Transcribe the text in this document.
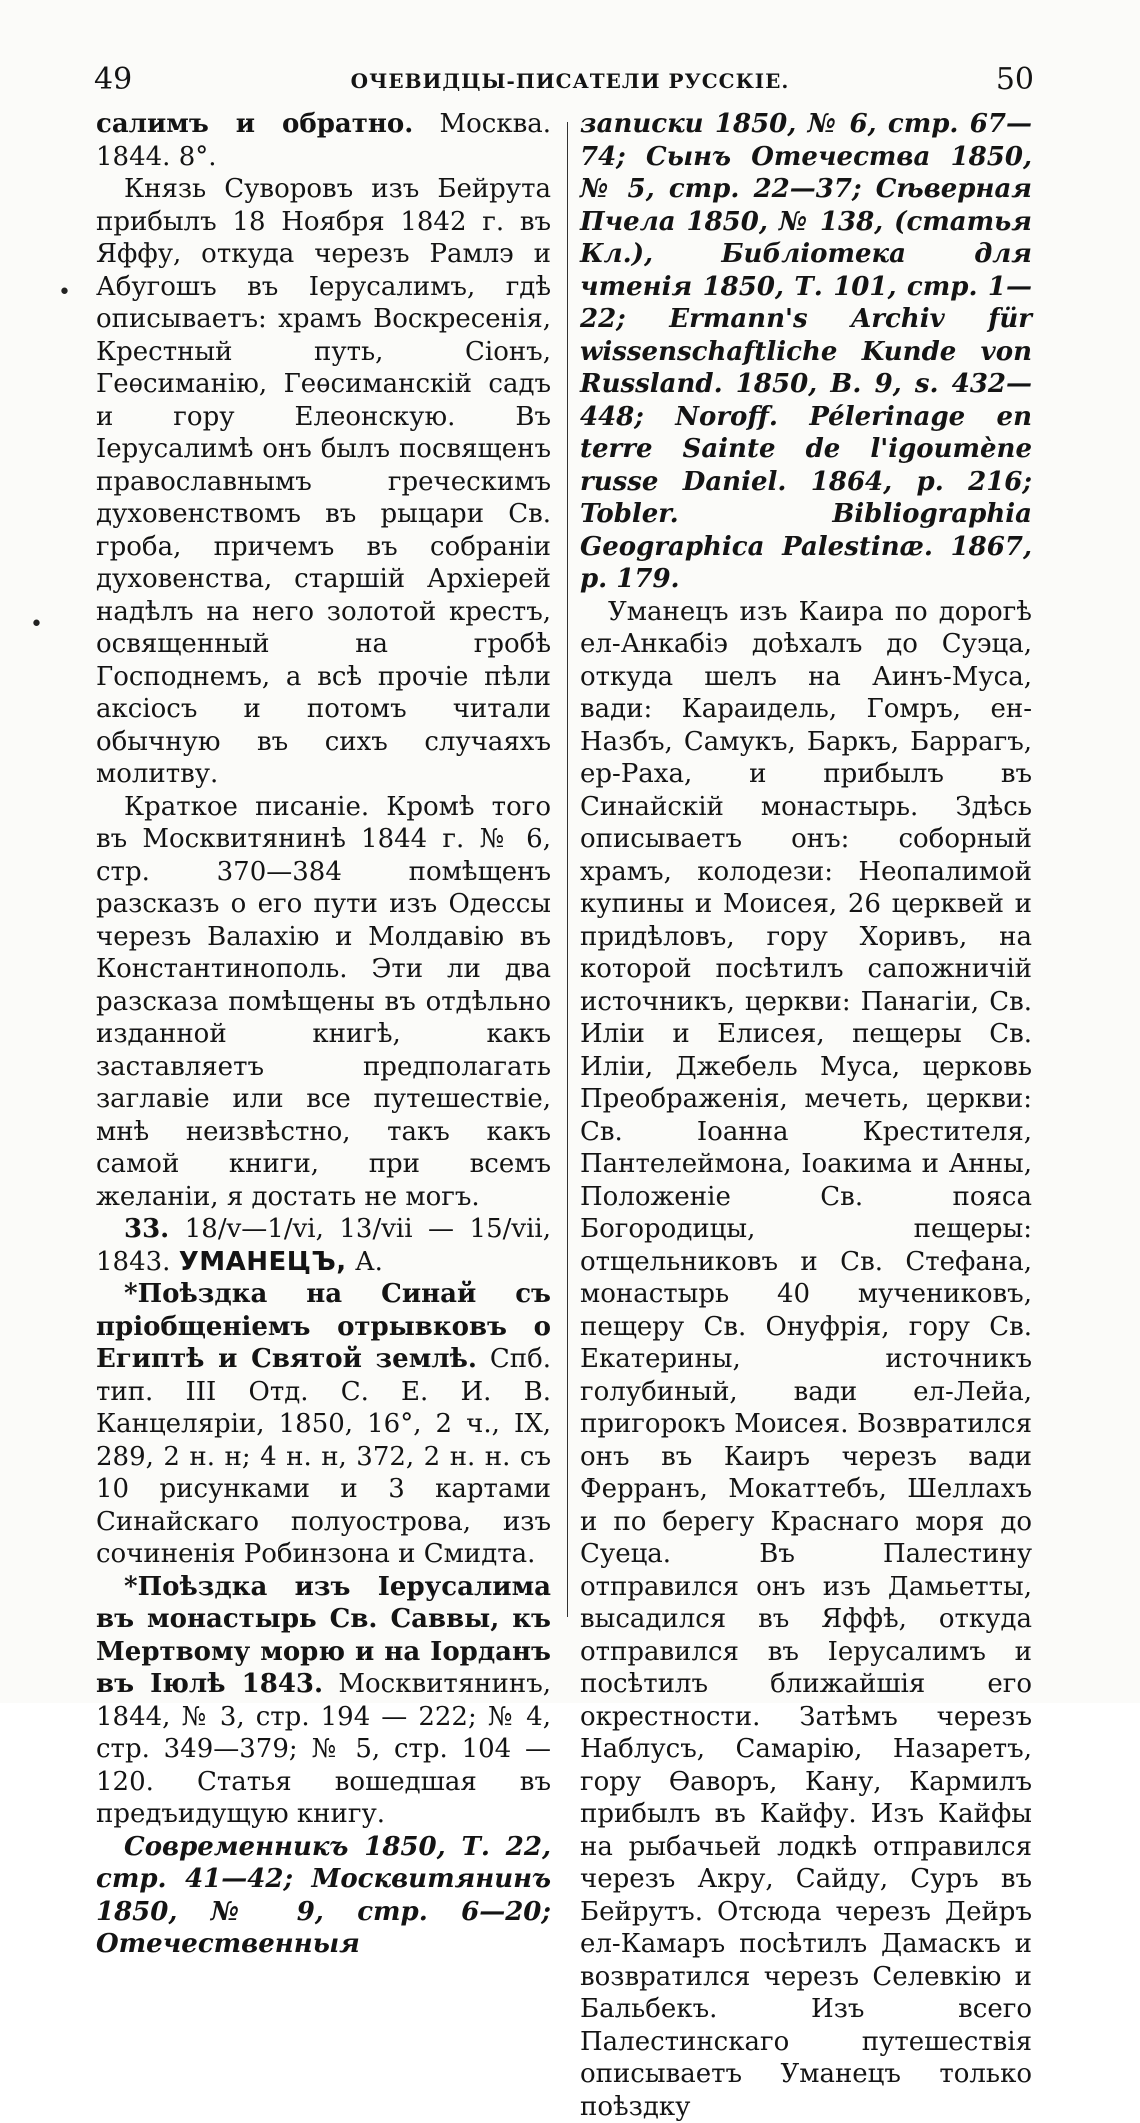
49	ОЧЕВИДЦЫ-ПИСАТЕЛИ РУССКІЕ.	50
•
•

салимъ и обратно. Москва. 1844. 8°.

Князь Суворовъ изъ Бейрута прибылъ 18 Ноября 1842 г. въ Яффу, откуда черезъ Рамлэ и Абугошъ въ Іерусалимъ, гдѣ описываетъ: храмъ Воскресенія, Крестный путь, Сіонъ, Геѳсиманію, Геѳсиманскій садъ и гору Елеонскую. Въ Іерусалимѣ онъ былъ посвященъ православнымъ греческимъ духовенствомъ въ рыцари Св. гроба, причемъ въ собраніи духовенства, старшій Архіерей надѣлъ на него золотой крестъ, освященный на гробѣ Господнемъ, а всѣ прочіе пѣли аксіосъ и потомъ читали обычную въ сихъ случаяхъ молитву.

Краткое писаніе. Кромѣ того въ Москвитянинѣ 1844 г. № 6, стр. 370—384 помѣщенъ разсказъ о его пути изъ Одессы черезъ Валахію и Молдавію въ Константинополь. Эти ли два разсказа помѣщены въ отдѣльно изданной книгѣ, какъ заставляетъ предполагать заглавіе или все путешествіе, мнѣ неизвѣстно, такъ какъ самой книги, при всемъ желаніи, я достать не могъ.

33. 18/v—1/vi, 13/vii — 15/vii, 1843. УМАНЕЦЪ, А.

*Поѣздка на Синай съ пріобщеніемъ отрывковъ о Египтѣ и Святой землѣ. Спб. тип. III Отд. С. Е. И. В. Канцеляріи, 1850, 16°, 2 ч., IX, 289, 2 н. н; 4 н. н, 372, 2 н. н. съ 10 рисунками и 3 картами Синайскаго полуострова, изъ сочиненія Робинзона и Смидта.

*Поѣздка изъ Іерусалима въ монастырь Св. Саввы, къ Мертвому морю и на Іорданъ въ Іюлѣ 1843. Москвитянинъ, 1844, № 3, стр. 194 — 222; № 4, стр. 349—379; № 5, стр. 104 — 120. Статья вошедшая въ предъидущую книгу.

Современникъ 1850, Т. 22, стр. 41—42; Москвитянинъ 1850, № 9, стр. 6—20; Отечественныя

записки 1850, № 6, стр. 67—74; Сынъ Отечества 1850, № 5, стр. 22—37; Сѣверная Пчела 1850, № 138, (статья Кл.), Библіотека для чтенія 1850, Т. 101, стр. 1—22; Ermann's Archiv für wissenschaftliche Kunde von Russland. 1850, B. 9, s. 432—448; Noroff. Pélerinage en terre Sainte de l'igoumène russe Daniel. 1864, p. 216; Tobler. Bibliographia Geographica Palestinæ. 1867, p. 179.

Уманецъ изъ Каира по дорогѣ ел-Анкабіэ доѣхалъ до Суэца, откуда шелъ на Аинъ-Муса, вади: Караидель, Гомръ, ен-Назбъ, Самукъ, Баркъ, Баррагъ, ер-Раха, и прибылъ въ Синайскій монастырь. Здѣсь описываетъ онъ: соборный храмъ, колодези: Неопалимой купины и Моисея, 26 церквей и придѣловъ, гору Хоривъ, на которой посѣтилъ сапожничій источникъ, церкви: Панагіи, Св. Иліи и Елисея, пещеры Св. Иліи, Джебель Муса, церковь Преображенія, мечеть, церкви: Св. Іоанна Крестителя, Пантелеймона, Іоакима и Анны, Положеніе Св. пояса Богородицы, пещеры: отщельниковъ и Св. Стефана, монастырь 40 мучениковъ, пещеру Св. Онуфрія, гору Св. Екатерины, источникъ голубиный, вади ел-Лейа, пригорокъ Моисея. Возвратился онъ въ Каиръ черезъ вади Ферранъ, Мокаттебъ, Шеллахъ и по берегу Краснаго моря до Суеца. Въ Палестину отправился онъ изъ Дамьетты, высадился въ Яффѣ, откуда отправился въ Іерусалимъ и посѣтилъ ближайшія его окрестности. Затѣмъ черезъ Наблусъ, Самарію, Назаретъ, гору Ѳаворъ, Кану, Кармилъ прибылъ въ Кайфу. Изъ Кайфы на рыбачьей лодкѣ отправился черезъ Акру, Сайду, Суръ въ Бейрутъ. Отсюда черезъ Дейръ ел-Камаръ посѣтилъ Дамаскъ и возвратился черезъ Селевкію и Бальбекъ. Изъ всего Палестинскаго путешествія описываетъ Уманецъ только поѣздку
